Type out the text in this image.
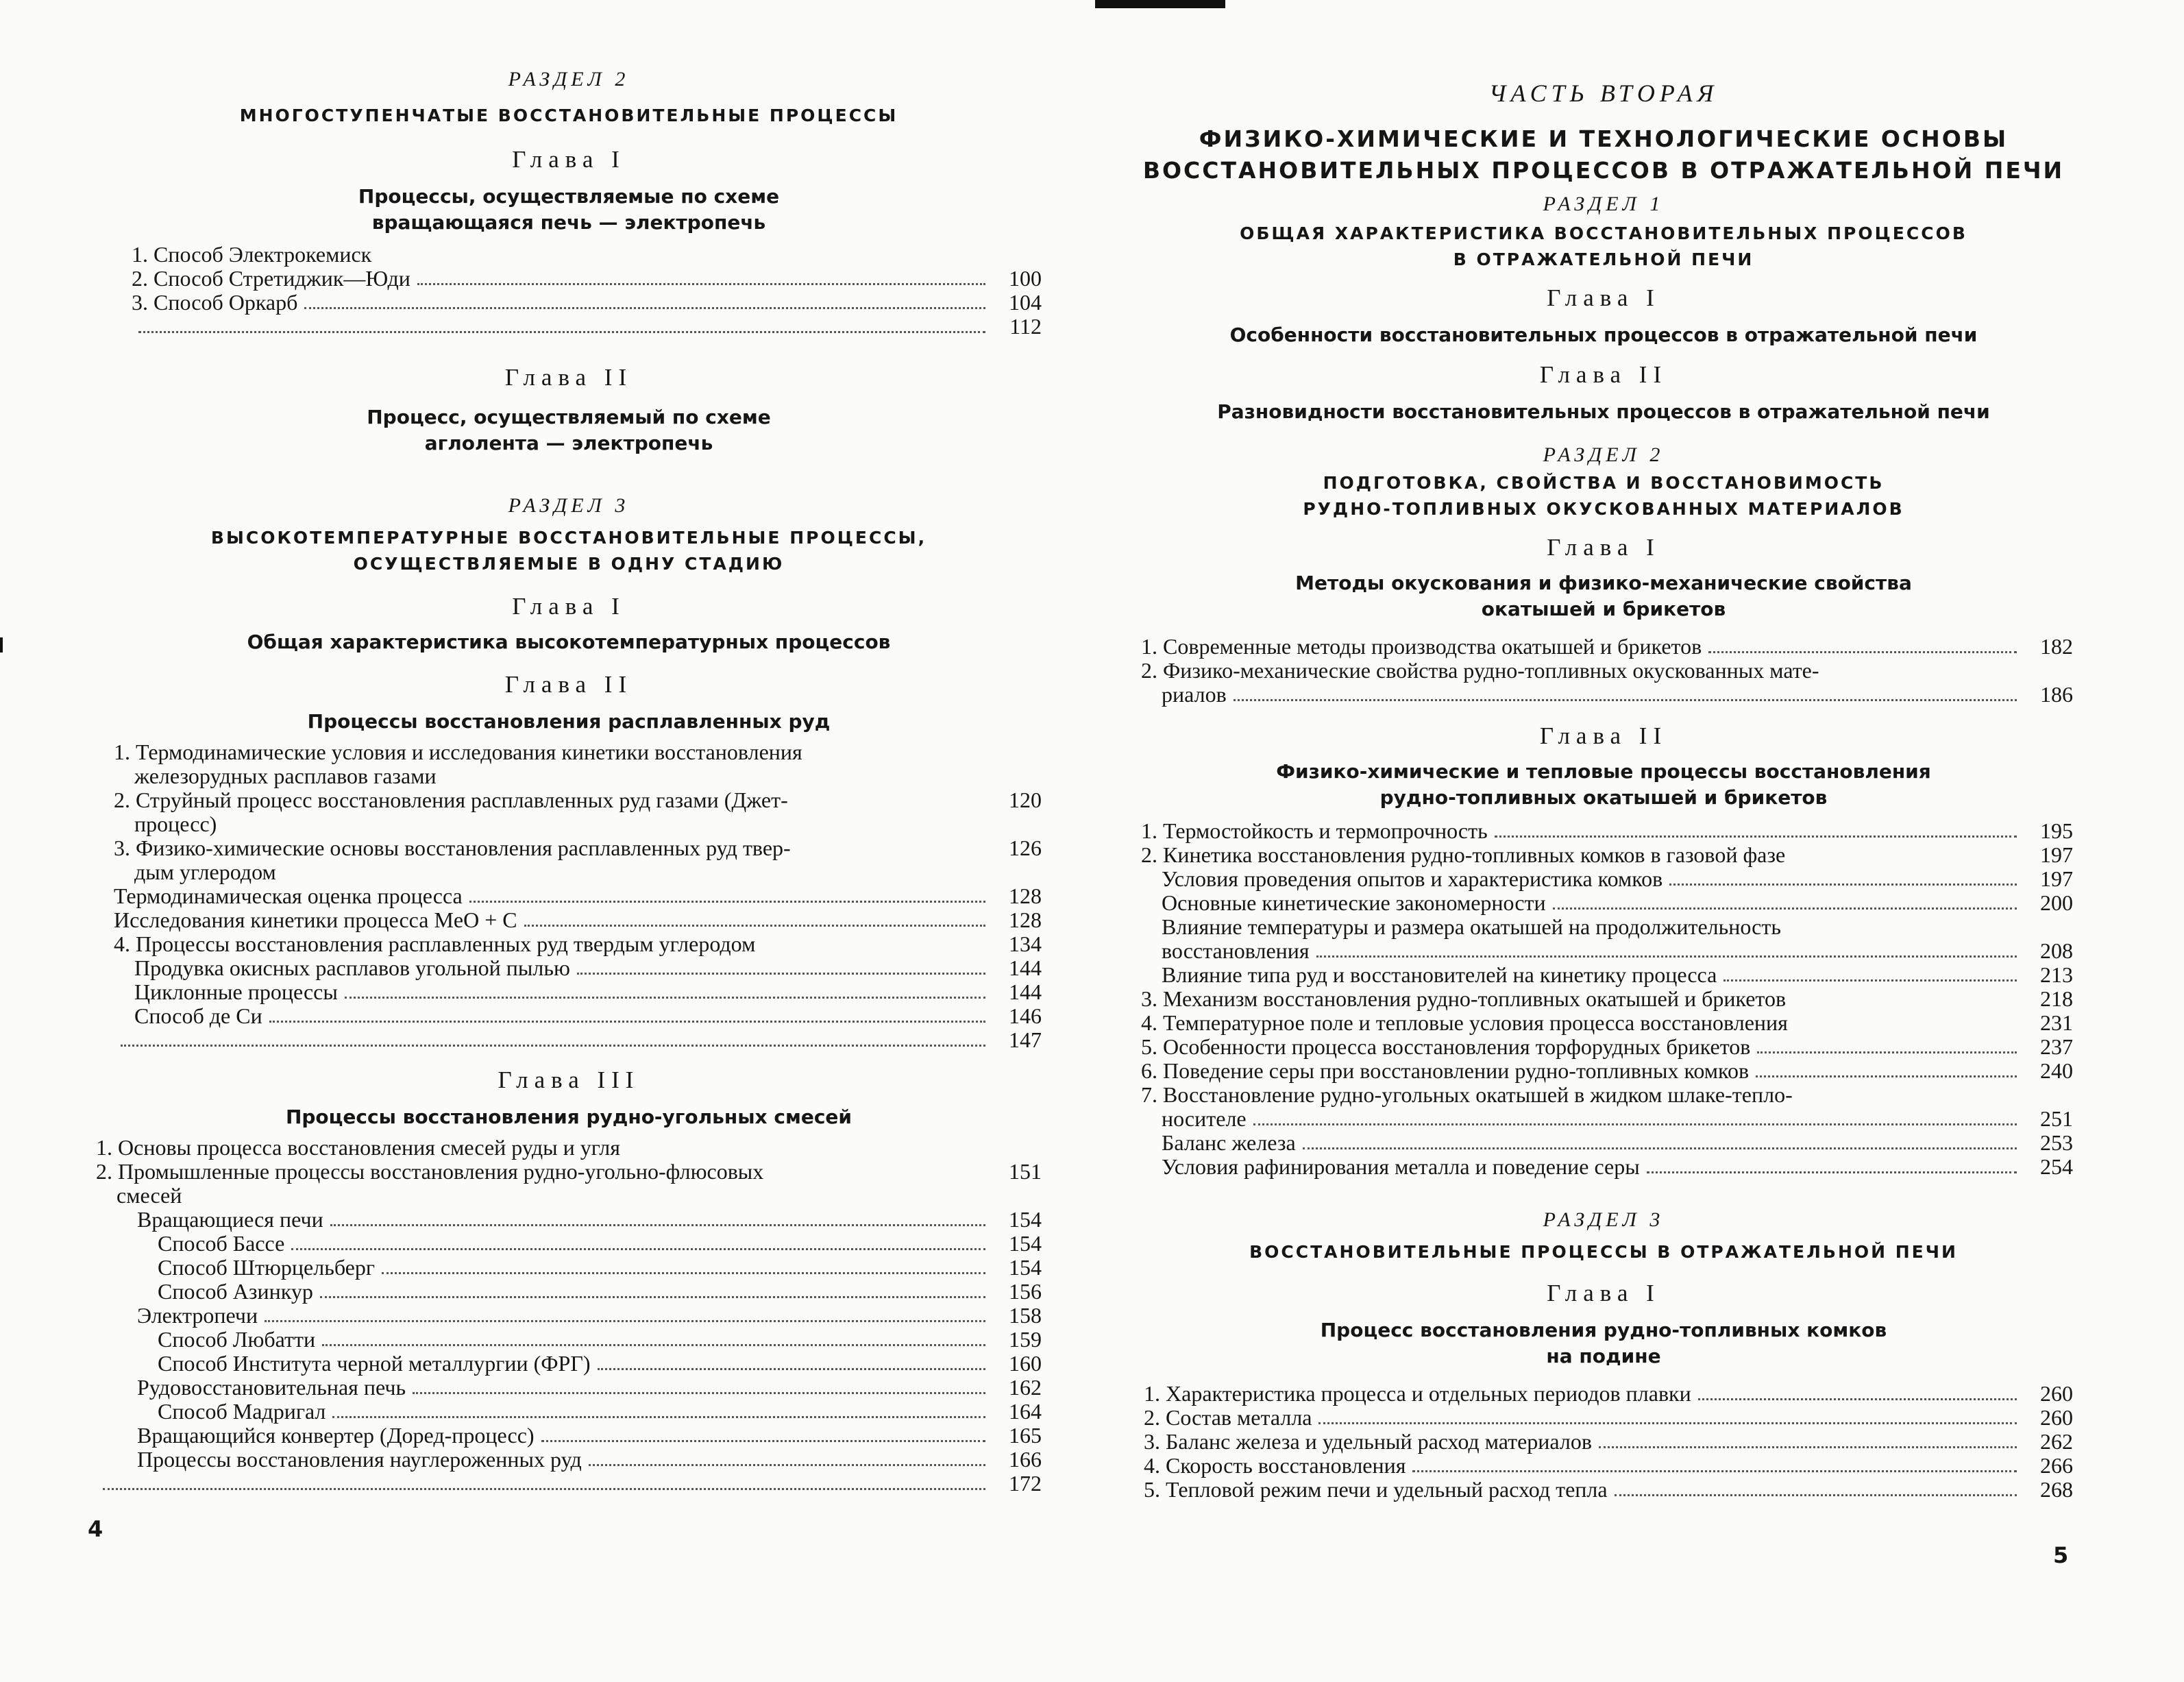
РАЗДЕЛ 2
МНОГОСТУПЕНЧАТЫЕ ВОССТАНОВИТЕЛЬНЫЕ ПРОЦЕССЫ
Глава I
Процессы, осуществляемые по схеме
вращающаяся печь — электропечь
1. Способ Электрокемиск
2. Способ Стретиджик—Юди	100
3. Способ Оркарб	104
112
Глава II
Процесс, осуществляемый по схеме
аглолента — электропечь
РАЗДЕЛ 3
ВЫСОКОТЕМПЕРАТУРНЫЕ ВОССТАНОВИТЕЛЬНЫЕ ПРОЦЕССЫ,
ОСУЩЕСТВЛЯЕМЫЕ В ОДНУ СТАДИЮ
Глава I
Общая характеристика высокотемпературных процессов
Глава II
Процессы восстановления расплавленных руд
1. Термодинамические условия и исследования кинетики восстановления
железорудных расплавов газами
2. Струйный процесс восстановления расплавленных руд газами (Джет-	120
процесс)
3. Физико-химические основы восстановления расплавленных руд твер-	126
дым углеродом
Термодинамическая оценка процесса	128
Исследования кинетики процесса MeO + C	128
4. Процессы восстановления расплавленных руд твердым углеродом	134
Продувка окисных расплавов угольной пылью	144
Циклонные процессы	144
Способ де Си	146
147
Глава III
Процессы восстановления рудно-угольных смесей
1. Основы процесса восстановления смесей руды и угля
2. Промышленные процессы восстановления рудно-угольно-флюсовых	151
смесей
Вращающиеся печи	154
Способ Бассе	154
Способ Штюрцельберг	154
Способ Азинкур	156
Электропечи	158
Способ Любатти	159
Способ Института черной металлургии (ФРГ)	160
Рудовосстановительная печь	162
Способ Мадригал	164
Вращающийся конвертер (Доред-процесс)	165
Процессы восстановления науглероженных руд	166
172
4
ЧАСТЬ ВТОРАЯ
ФИЗИКО-ХИМИЧЕСКИЕ И ТЕХНОЛОГИЧЕСКИЕ ОСНОВЫ
ВОССТАНОВИТЕЛЬНЫХ ПРОЦЕССОВ В ОТРАЖАТЕЛЬНОЙ ПЕЧИ
РАЗДЕЛ 1
ОБЩАЯ ХАРАКТЕРИСТИКА ВОССТАНОВИТЕЛЬНЫХ ПРОЦЕССОВ
В ОТРАЖАТЕЛЬНОЙ ПЕЧИ
Глава I
Особенности восстановительных процессов в отражательной печи
Глава II
Разновидности восстановительных процессов в отражательной печи
РАЗДЕЛ 2
ПОДГОТОВКА, СВОЙСТВА И ВОССТАНОВИМОСТЬ
РУДНО-ТОПЛИВНЫХ ОКУСКОВАННЫХ МАТЕРИАЛОВ
Глава I
Методы окускования и физико-механические свойства
окатышей и брикетов
1. Современные методы производства окатышей и брикетов	182
2. Физико-механические свойства рудно-топливных окускованных мате-
риалов	186
Глава II
Физико-химические и тепловые процессы восстановления
рудно-топливных окатышей и брикетов
1. Термостойкость и термопрочность	195
2. Кинетика восстановления рудно-топливных комков в газовой фазе	197
Условия проведения опытов и характеристика комков	197
Основные кинетические закономерности	200
Влияние температуры и размера окатышей на продолжительность
восстановления	208
Влияние типа руд и восстановителей на кинетику процесса	213
3. Механизм восстановления рудно-топливных окатышей и брикетов	218
4. Температурное поле и тепловые условия процесса восстановления	231
5. Особенности процесса восстановления торфорудных брикетов	237
6. Поведение серы при восстановлении рудно-топливных комков	240
7. Восстановление рудно-угольных окатышей в жидком шлаке-тепло-
носителе	251
Баланс железа	253
Условия рафинирования металла и поведение серы	254
РАЗДЕЛ 3
ВОССТАНОВИТЕЛЬНЫЕ ПРОЦЕССЫ В ОТРАЖАТЕЛЬНОЙ ПЕЧИ
Глава I
Процесс восстановления рудно-топливных комков
на подине
1. Характеристика процесса и отдельных периодов плавки	260
2. Состав металла	260
3. Баланс железа и удельный расход материалов	262
4. Скорость восстановления	266
5. Тепловой режим печи и удельный расход тепла	268
5
